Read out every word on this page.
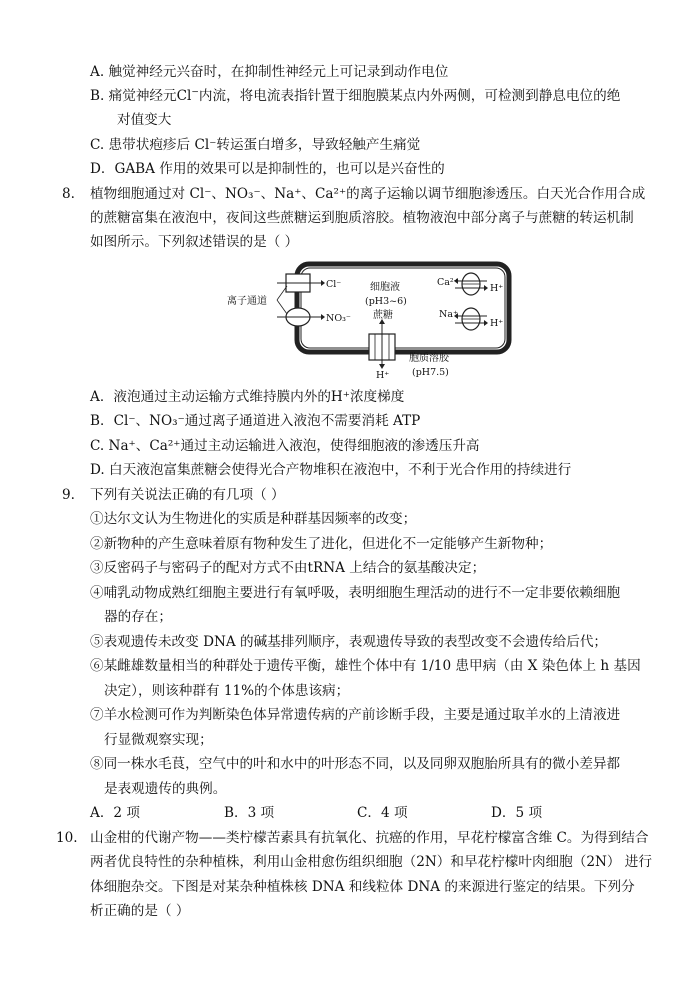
A. 触觉神经元兴奋时，在抑制性神经元上可记录到动作电位
B. 痛觉神经元Cl−内流，将电流表指针置于细胞膜某点内外两侧，可检测到静息电位的绝
对值变大
C. 患带状疱疹后 Cl⁻转运蛋白增多，导致轻触产生痛觉
D．GABA 作用的效果可以是抑制性的，也可以是兴奋性的
8. 植物细胞通过对 Cl⁻、NO₃⁻、Na⁺、Ca²⁺的离子运输以调节细胞渗透压。白天光合作用合成
的蔗糖富集在液泡中，夜间这些蔗糖运到胞质溶胶。植物液泡中部分离子与蔗糖的转运机制
如图所示。下列叙述错误的是（ ）
离子通道
Cl⁻
NO₃⁻
细胞液
(pH3~6)
蔗糖
H⁺
胞质溶胶
(pH7.5)
Ca²⁺
H⁺
Na⁺
H⁺
A．液泡通过主动运输方式维持膜内外的H⁺浓度梯度
B．Cl⁻、NO₃⁻通过离子通道进入液泡不需要消耗 ATP
C. Na⁺、Ca²⁺通过主动运输进入液泡，使得细胞液的渗透压升高
D. 白天液泡富集蔗糖会使得光合产物堆积在液泡中，不利于光合作用的持续进行
9. 下列有关说法正确的有几项（ ）
①达尔文认为生物进化的实质是种群基因频率的改变；
②新物种的产生意味着原有物种发生了进化，但进化不一定能够产生新物种；
③反密码子与密码子的配对方式不由tRNA 上结合的氨基酸决定；
④哺乳动物成熟红细胞主要进行有氧呼吸，表明细胞生理活动的进行不一定非要依赖细胞
器的存在；
⑤表观遗传未改变 DNA 的碱基排列顺序，表观遗传导致的表型改变不会遗传给后代；
⑥某雌雄数量相当的种群处于遗传平衡，雄性个体中有 1/10 患甲病（由 X 染色体上 h 基因
决定），则该种群有 11%的个体患该病；
⑦羊水检测可作为判断染色体异常遗传病的产前诊断手段，主要是通过取羊水的上清液进
行显微观察实现；
⑧同一株水毛茛，空气中的叶和水中的叶形态不同，以及同卵双胞胎所具有的微小差异都
是表观遗传的典例。
A．2 项	B．3 项	C．4 项	D．5 项
10. 山金柑的代谢产物——类柠檬苦素具有抗氧化、抗癌的作用，早花柠檬富含维 C。为得到结合
两者优良特性的杂种植株，利用山金柑愈伤组织细胞（2N）和早花柠檬叶肉细胞（2N） 进行
体细胞杂交。下图是对某杂种植株核 DNA 和线粒体 DNA 的来源进行鉴定的结果。下列分
析正确的是（ ）
